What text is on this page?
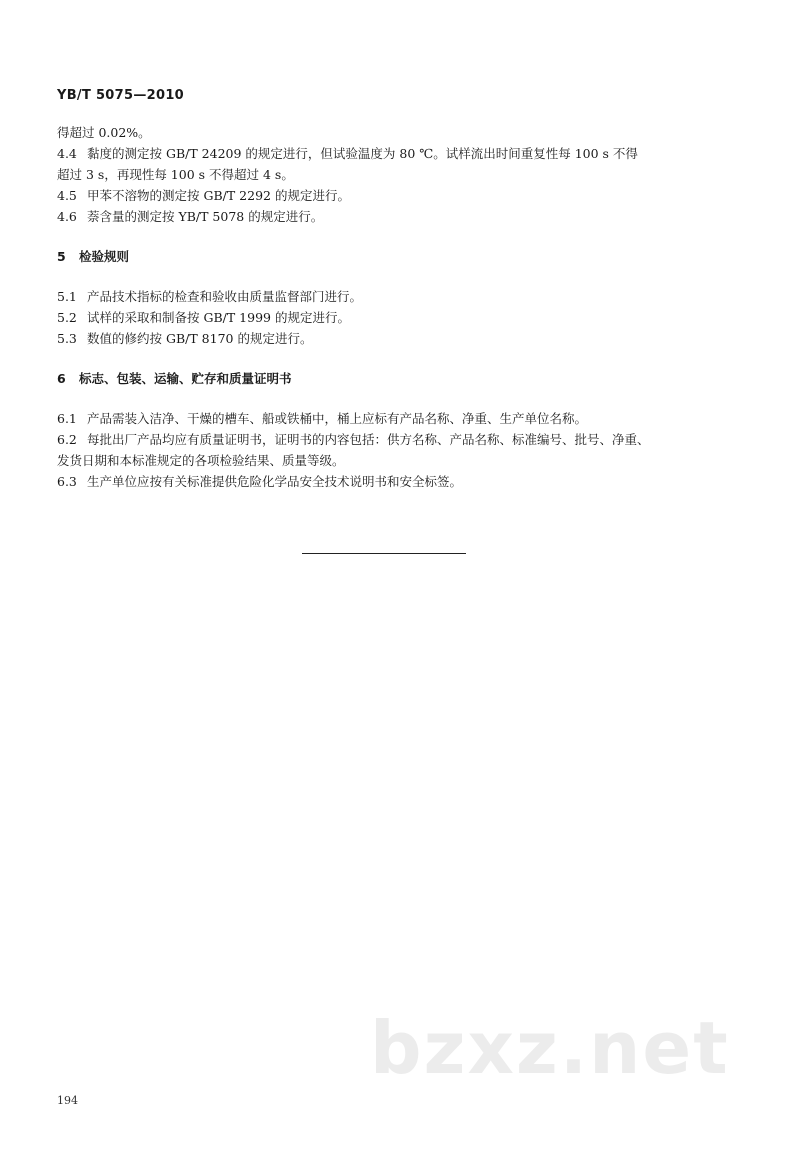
YB/T 5075—2010

得超过 0.02%。

4.4 黏度的测定按 GB/T 24209 的规定进行，但试验温度为 80 ℃。试样流出时间重复性每 100 s 不得

超过 3 s，再现性每 100 s 不得超过 4 s。

4.5 甲苯不溶物的测定按 GB/T 2292 的规定进行。

4.6 萘含量的测定按 YB/T 5078 的规定进行。

5 检验规则

5.1 产品技术指标的检查和验收由质量监督部门进行。

5.2 试样的采取和制备按 GB/T 1999 的规定进行。

5.3 数值的修约按 GB/T 8170 的规定进行。

6 标志、包装、运输、贮存和质量证明书

6.1 产品需装入洁净、干燥的槽车、船或铁桶中，桶上应标有产品名称、净重、生产单位名称。

6.2 每批出厂产品均应有质量证明书，证明书的内容包括：供方名称、产品名称、标准编号、批号、净重、

发货日期和本标准规定的各项检验结果、质量等级。

6.3 生产单位应按有关标准提供危险化学品安全技术说明书和安全标签。

bzxz.net
194
